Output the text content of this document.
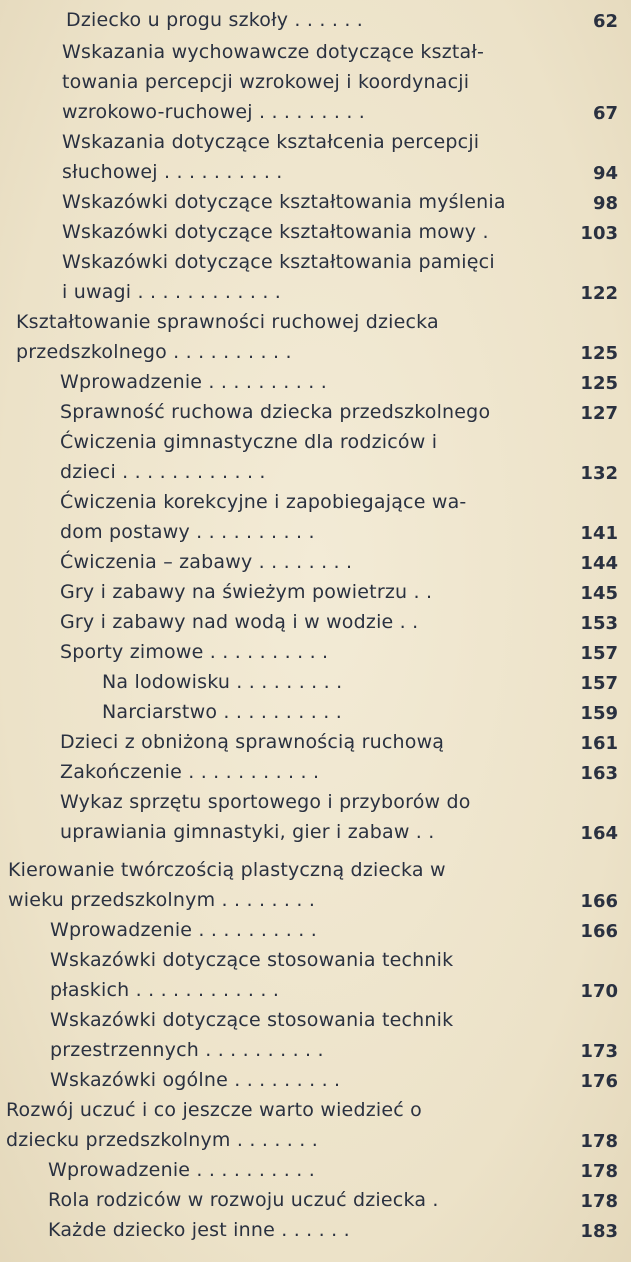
Dziecko u progu szkoły . . . . . .	62
Wskazania wychowawcze dotyczące kształ-
towania percepcji wzrokowej i koordynacji
wzrokowo-ruchowej . . . . . . . . .	67
Wskazania dotyczące kształcenia percepcji
słuchowej . . . . . . . . . .	94
Wskazówki dotyczące kształtowania myślenia	98
Wskazówki dotyczące kształtowania mowy .	103
Wskazówki dotyczące kształtowania pamięci
i uwagi . . . . . . . . . . . .	122
Kształtowanie sprawności ruchowej dziecka
przedszkolnego . . . . . . . . . .	125
Wprowadzenie . . . . . . . . . .	125
Sprawność ruchowa dziecka przedszkolnego	127
Ćwiczenia gimnastyczne dla rodziców i
dzieci . . . . . . . . . . . .	132
Ćwiczenia korekcyjne i zapobiegające wa-
dom postawy . . . . . . . . . .	141
Ćwiczenia – zabawy . . . . . . . .	144
Gry i zabawy na świeżym powietrzu . .	145
Gry i zabawy nad wodą i w wodzie . .	153
Sporty zimowe . . . . . . . . . .	157
Na lodowisku . . . . . . . . .	157
Narciarstwo . . . . . . . . . .	159
Dzieci z obniżoną sprawnością ruchową	161
Zakończenie . . . . . . . . . . .	163
Wykaz sprzętu sportowego i przyborów do
uprawiania gimnastyki, gier i zabaw . .	164
Kierowanie twórczością plastyczną dziecka w
wieku przedszkolnym . . . . . . . .	166
Wprowadzenie . . . . . . . . . .	166
Wskazówki dotyczące stosowania technik
płaskich . . . . . . . . . . . .	170
Wskazówki dotyczące stosowania technik
przestrzennych . . . . . . . . . .	173
Wskazówki ogólne . . . . . . . . .	176
Rozwój uczuć i co jeszcze warto wiedzieć o
dziecku przedszkolnym . . . . . . .	178
Wprowadzenie . . . . . . . . . .	178
Rola rodziców w rozwoju uczuć dziecka .	178
Każde dziecko jest inne . . . . . .	183
